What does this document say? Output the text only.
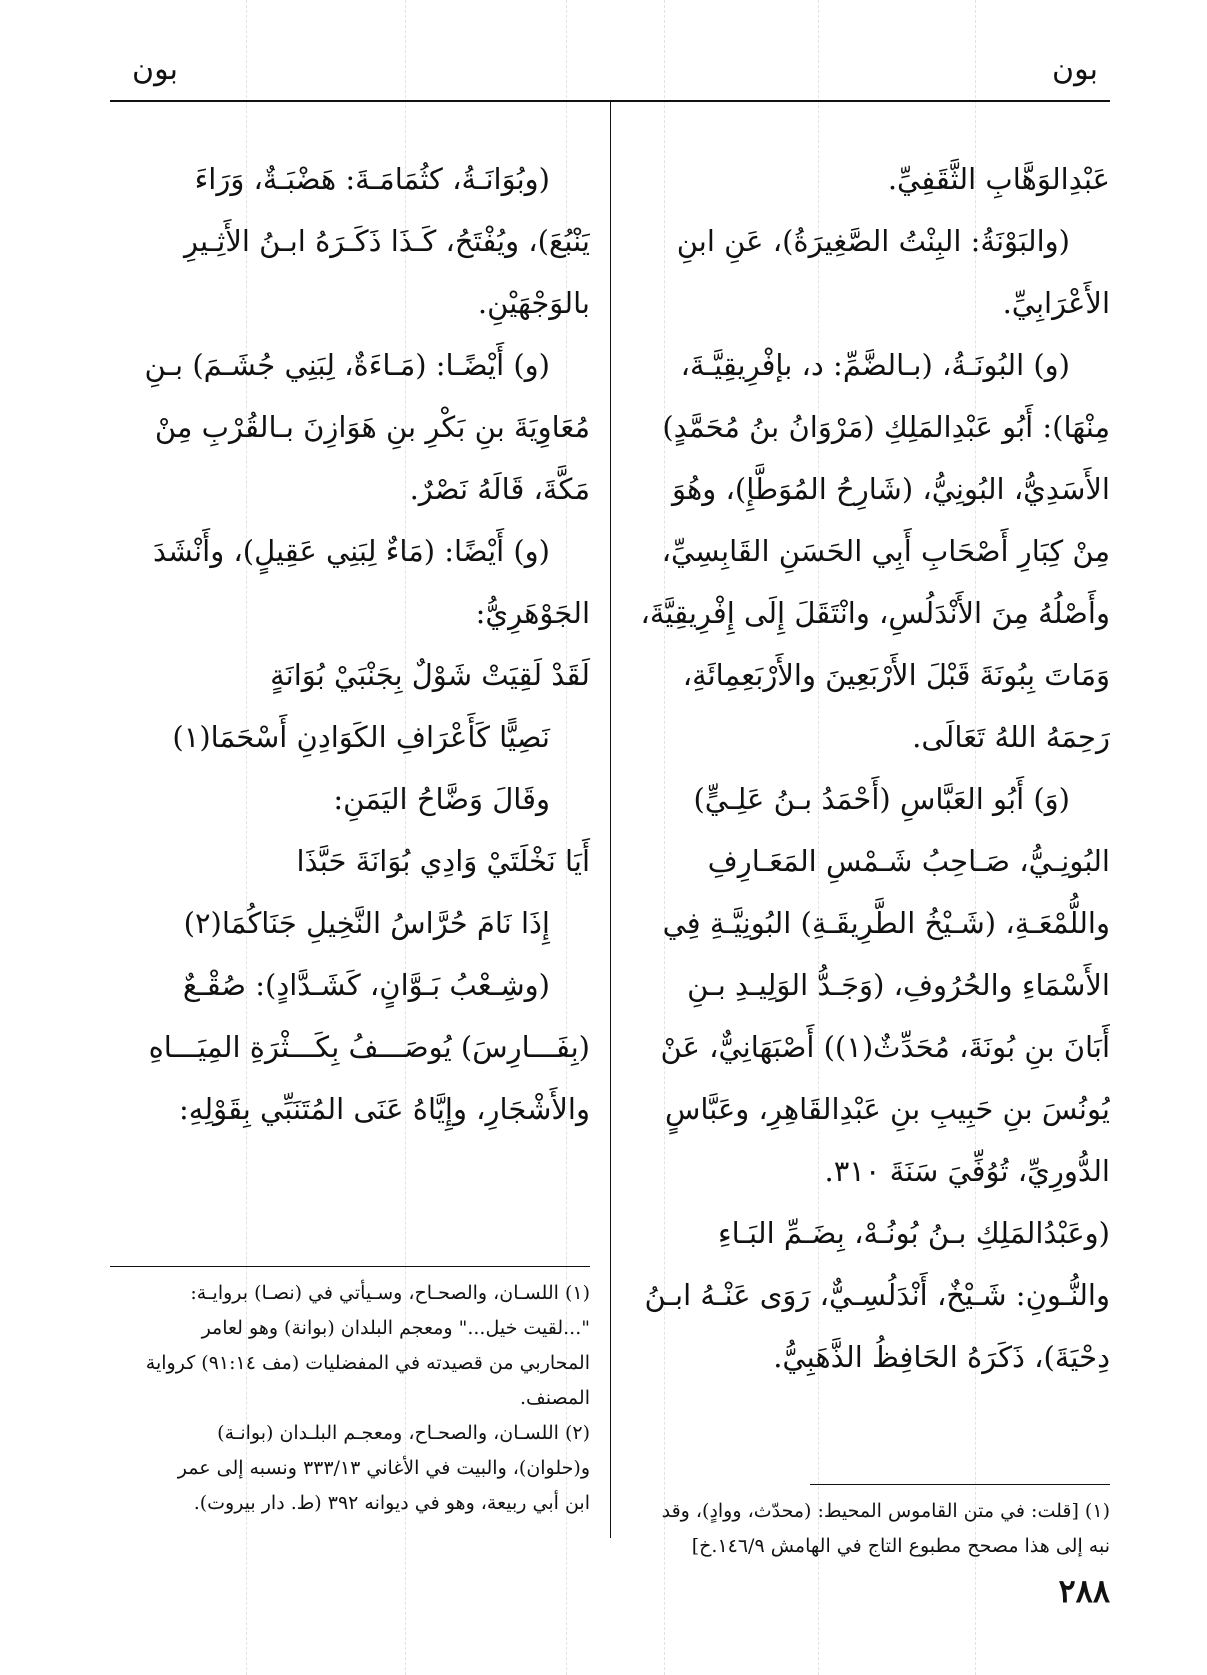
بون
بون
عَبْدِالوَهَّابِ الثَّقَفِيِّ.
(والبَوْنَةُ: البِنْتُ الصَّغِيرَةُ)، عَنِ ابنِ
الأَعْرَابِيِّ.
(و) البُونَـةُ، (بـالضَّمِّ: د، بإفْرِيقِيَّـةَ،
مِنْهَا): أَبُو عَبْدِالمَلِكِ (مَرْوَانُ بنُ مُحَمَّدٍ)
الأَسَدِيُّ، البُونِيُّ، (شَارِحُ المُوَطَّإِ)، وهُوَ
مِنْ كِبَارِ أَصْحَابِ أَبِي الحَسَنِ القَابِسِيِّ،
وأَصْلُهُ مِنَ الأَنْدَلُسِ، وانْتَقَلَ إِلَى إِفْرِيقِيَّةَ،
وَمَاتَ بِبُونَةَ قَبْلَ الأَرْبَعِينَ والأَرْبَعِمِائَةِ،
رَحِمَهُ اللهُ تَعَالَى.
(وَ) أَبُو العَبَّاسِ (أَحْمَدُ بـنُ عَلِـيٍّ)
البُونِـيُّ، صَـاحِبُ شَـمْسِ المَعَـارِفِ
واللُّمْعَـةِ، (شَـيْخُ الطَّرِيقَـةِ) البُونِيَّـةِ فِي
الأَسْمَاءِ والحُرُوفِ، (وَجَـدُّ الوَلِيـدِ بـنِ
أَبَانَ بنِ بُونَةَ، مُحَدِّثٌ(١)) أَصْبَهَانِيٌّ، عَنْ
يُونُسَ بنِ حَبِيبِ بنِ عَبْدِالقَاهِرِ، وعَبَّاسٍ
الدُّورِيِّ، تُوُفِّيَ سَنَةَ ٣١٠.
(وعَبْدُالمَلِكِ بـنُ بُونُـهْ، بِضَـمِّ البَـاءِ
والنُّـونِ: شَـيْخٌ، أَنْدَلُسِـيٌّ، رَوَى عَنْـهُ ابـنُ
دِحْيَةَ)، ذَكَرَهُ الحَافِظُ الذَّهَبِيُّ.
(وبُوَانَـةُ، كثُمَامَـةَ: هَضْبَـةٌ، وَرَاءَ
يَنْبُعَ)، ويُفْتَحُ، كَـذَا ذَكَـرَهُ ابـنُ الأَثِـيرِ
بالوَجْهَيْنِ.
(و) أَيْضًـا: (مَـاءَةٌ، لِبَنِي جُشَـمَ) بـنِ
مُعَاوِيَةَ بنِ بَكْرِ بنِ هَوَازِنَ بـالقُرْبِ مِنْ
مَكَّةَ، قَالَهُ نَصْرٌ.
(و) أَيْضًا: (مَاءٌ لِبَنِي عَقِيلٍ)، وأَنْشَدَ
الجَوْهَرِيُّ:
لَقَدْ لَقِيَتْ شَوْلٌ بِجَنْبَيْ بُوَانَةٍ
نَصِيًّا كَأَعْرَافِ الكَوَادِنِ أَسْحَمَا(١)
وقَالَ وَضَّاحُ اليَمَنِ:
أَيَا نَخْلَتَيْ وَادِي بُوَانَةَ حَبَّذَا
إِذَا نَامَ حُرَّاسُ النَّخِيلِ جَنَاكُمَا(٢)
(وشِـعْبُ بَـوَّانٍ، كَشَـدَّادٍ): صُقْـعٌ
(بِفَـــارِسَ) يُوصَـــفُ بِكَـــثْرَةِ المِيَـــاهِ
والأَشْجَارِ، وإِيَّاهُ عَنَى المُتَنَبِّي بِقَوْلِهِ:
(١) اللسـان، والصحـاح، وسـيأتي في (نصـا) بروايـة:
"...لقيت خيل..." ومعجم البلدان (بوانة) وهو لعامر
المحاربي من قصيدته في المفضليات (مف ٩١:١٤) كرواية
المصنف.
(٢) اللسـان، والصحـاح، ومعجـم البلـدان (بوانـة)
و(حلوان)، والبيت في الأغاني ٣٣٣/١٣ ونسبه إلى عمر
ابن أبي ربيعة، وهو في ديوانه ٣٩٢ (ط. دار بيروت).	(١) [قلت: في متن القاموس المحيط: (محدّث، ووادٍ)، وقد
نبه إلى هذا مصحح مطبوع التاج في الهامش ١٤٦/٩.خ]
٢٨٨
